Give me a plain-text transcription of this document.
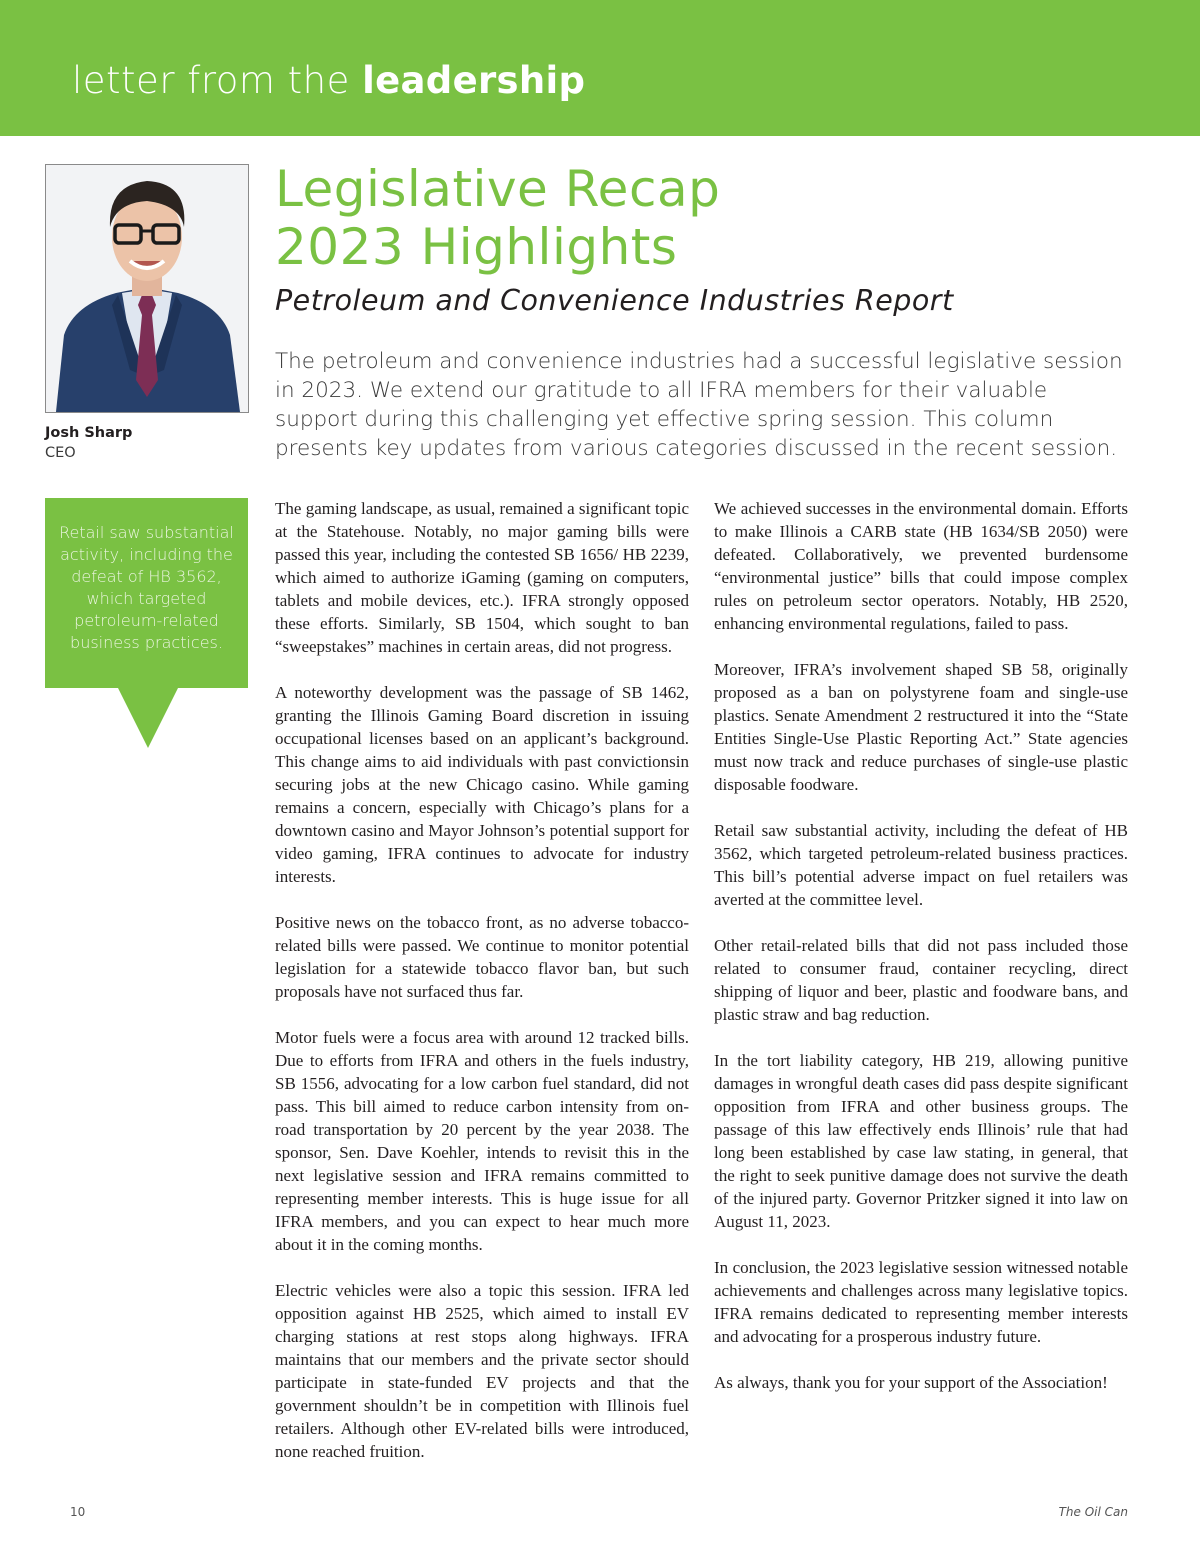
letter from the leadership
Josh Sharp
CEO
Retail saw substantial activity, including the defeat of HB 3562, which targeted petroleum-related business practices.
Legislative Recap
2023 Highlights
Petroleum and Convenience Industries Report

The petroleum and convenience industries had a successful legislative session in 2023. We extend our gratitude to all IFRA members for their valuable support during this challenging yet effective spring session. This column presents key updates from various categories discussed in the recent session.

The gaming landscape, as usual, remained a significant topic at the Statehouse. Notably, no major gaming bills were passed this year, including the contested SB 1656/ HB 2239, which aimed to authorize iGaming (gaming on computers, tablets and mobile devices, etc.). IFRA strongly opposed these efforts. Similarly, SB 1504, which sought to ban “sweepstakes” machines in certain areas, did not progress.

A noteworthy development was the passage of SB 1462, granting the Illinois Gaming Board discretion in issuing occupational licenses based on an applicant’s background. This change aims to aid individuals with past convictionsin securing jobs at the new Chicago casino. While gaming remains a concern, especially with Chicago’s plans for a downtown casino and Mayor Johnson’s potential support for video gaming, IFRA continues to advocate for industry interests.

Positive news on the tobacco front, as no adverse tobacco-related bills were passed. We continue to monitor potential legislation for a statewide tobacco flavor ban, but such proposals have not surfaced thus far.

Motor fuels were a focus area with around 12 tracked bills. Due to efforts from IFRA and others in the fuels industry, SB 1556, advocating for a low carbon fuel standard, did not pass. This bill aimed to reduce carbon intensity from on-road transportation by 20 percent by the year 2038. The sponsor, Sen. Dave Koehler, intends to revisit this in the next legislative session and IFRA remains committed to representing member interests. This is huge issue for all IFRA members, and you can expect to hear much more about it in the coming months.

Electric vehicles were also a topic this session. IFRA led opposition against HB 2525, which aimed to install EV charging stations at rest stops along highways. IFRA maintains that our members and the private sector should participate in state-funded EV projects and that the government shouldn’t be in competition with Illinois fuel retailers. Although other EV-related bills were introduced, none reached fruition.

We achieved successes in the environmental domain. Efforts to make Illinois a CARB state (HB 1634/SB 2050) were defeated. Collaboratively, we prevented burdensome “environmental justice” bills that could impose complex rules on petroleum sector operators. Notably, HB 2520, enhancing environmental regulations, failed to pass.

Moreover, IFRA’s involvement shaped SB 58, originally proposed as a ban on polystyrene foam and single-use plastics. Senate Amendment 2 restructured it into the “State Entities Single-Use Plastic Reporting Act.” State agencies must now track and reduce purchases of single-use plastic disposable foodware.

Retail saw substantial activity, including the defeat of HB 3562, which targeted petroleum-related business practices. This bill’s potential adverse impact on fuel retailers was averted at the committee level.

Other retail-related bills that did not pass included those related to consumer fraud, container recycling, direct shipping of liquor and beer, plastic and foodware bans, and plastic straw and bag reduction.

In the tort liability category, HB 219, allowing punitive damages in wrongful death cases did pass despite significant opposition from IFRA and other business groups. The passage of this law effectively ends Illinois’ rule that had long been established by case law stating, in general, that the right to seek punitive damage does not survive the death of the injured party. Governor Pritzker signed it into law on August 11, 2023.

In conclusion, the 2023 legislative session witnessed notable achievements and challenges across many legislative topics. IFRA remains dedicated to representing member interests and advocating for a prosperous industry future.

As always, thank you for your support of the Association!

10	The Oil Can
